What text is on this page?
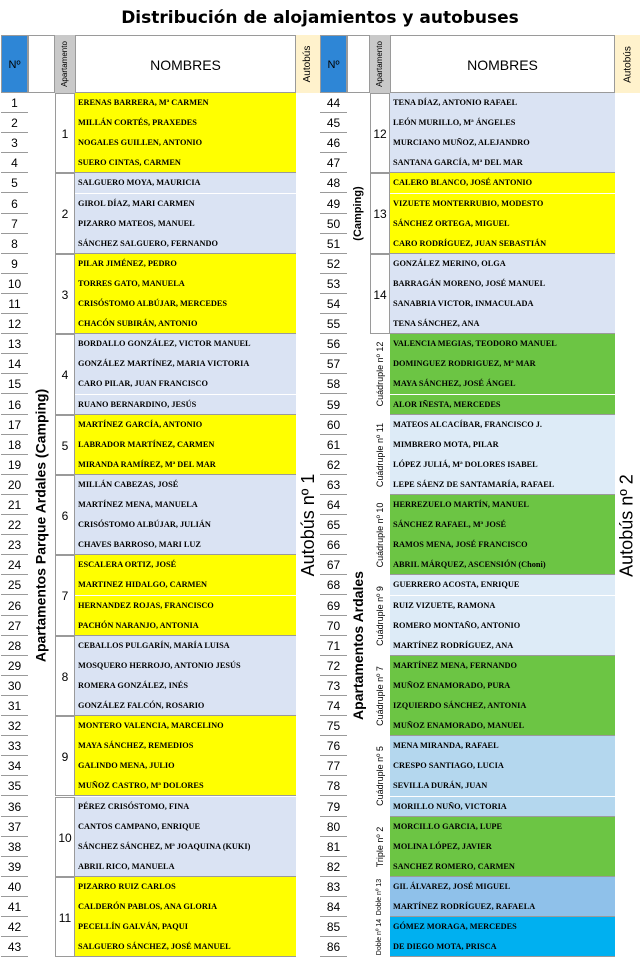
Distribución de alojamientos y autobuses
Nº	Apartamento	NOMBRES	Autobús
1
1	ERENAS BARRERA, Mª CARMEN
2	MILLÁN CORTÉS, PRAXEDES
3	NOGALES GUILLEN, ANTONIO
4	SUERO CINTAS, CARMEN
2
5	SALGUERO MOYA, MAURICIA
6	GIROL DÍAZ, MARI CARMEN
7	PIZARRO MATEOS, MANUEL
8	SÁNCHEZ SALGUERO, FERNANDO
3
9	PILAR JIMÉNEZ, PEDRO
10	TORRES GATO, MANUELA
11	CRISÓSTOMO ALBÚJAR, MERCEDES
12	CHACÓN SUBIRÁN, ANTONIO
4
13	BORDALLO GONZÁLEZ, VICTOR MANUEL
14	GONZÁLEZ MARTÍNEZ, MARIA VICTORIA
15	CARO PILAR, JUAN FRANCISCO
16	RUANO BERNARDINO, JESÚS
5
17	MARTÍNEZ GARCÍA, ANTONIO
18	LABRADOR MARTÍNEZ, CARMEN
19	MIRANDA RAMÍREZ, Mª DEL MAR
6
20	MILLÁN CABEZAS, JOSÉ
21	MARTÍNEZ MENA, MANUELA
22	CRISÓSTOMO ALBÚJAR, JULIÁN
23	CHAVES BARROSO, MARI LUZ
7
24	ESCALERA ORTIZ, JOSÉ
25	MARTINEZ HIDALGO, CARMEN
26	HERNANDEZ ROJAS, FRANCISCO
27	PACHÓN NARANJO, ANTONIA
8
28	CEBALLOS PULGARÍN, MARÍA LUISA
29	MOSQUERO HERROJO, ANTONIO JESÚS
30	ROMERA GONZÁLEZ, INÉS
31	GONZÁLEZ FALCÓN, ROSARIO
9
32	MONTERO VALENCIA, MARCELINO
33	MAYA SÁNCHEZ, REMEDIOS
34	GALINDO MENA, JULIO
35	MUÑOZ CASTRO, Mª DOLORES
10
36	PÉREZ CRISÓSTOMO, FINA
37	CANTOS CAMPANO, ENRIQUE
38	SÁNCHEZ SÁNCHEZ, Mª JOAQUINA (KUKI)
39	ABRIL RICO, MANUELA
11
40	PIZARRO RUIZ CARLOS
41	CALDERÓN PABLOS, ANA GLORIA
42	PECELLÍN GALVÁN, PAQUI
43	SALGUERO SÁNCHEZ, JOSÉ MANUEL
Autobús nº 1
Apartamentos Parque Ardales (Camping)
Nº	Apartamento	NOMBRES	Autobús
12
44	TENA DÍAZ, ANTONIO RAFAEL
45	LEÓN MURILLO, Mª ÁNGELES
46	MURCIANO MUÑOZ, ALEJANDRO
47	SANTANA GARCÍA, Mª DEL MAR
13
48	CALERO BLANCO, JOSÉ ANTONIO
49	VIZUETE MONTERRUBIO, MODESTO
50	SÁNCHEZ ORTEGA, MIGUEL
51	CARO RODRÍGUEZ, JUAN SEBASTIÁN
14
52	GONZÁLEZ MERINO, OLGA
53	BARRAGÁN MORENO, JOSÉ MANUEL
54	SANABRIA VICTOR, INMACULADA
55	TENA SÁNCHEZ, ANA
Cuádruple nº 12
56	VALENCIA MEGIAS, TEODORO MANUEL
57	DOMINGUEZ RODRIGUEZ, Mª MAR
58	MAYA SÁNCHEZ, JOSÉ ÁNGEL
59	ALOR IÑESTA, MERCEDES
Cuádruple nº 11
60	MATEOS ALCACÍBAR, FRANCISCO J.
61	MIMBRERO MOTA, PILAR
62	LÓPEZ JULIÁ, Mª DOLORES ISABEL
63	LEPE SÁENZ DE SANTAMARÍA, RAFAEL
Cuádruple nº 10
64	HERREZUELO MARTÍN, MANUEL
65	SÁNCHEZ RAFAEL, Mª JOSÉ
66	RAMOS MENA, JOSÉ FRANCISCO
67	ABRIL MÁRQUEZ, ASCENSIÓN (Choni)
Cuádruple nº 9
68	GUERRERO ACOSTA, ENRIQUE
69	RUIZ VIZUETE, RAMONA
70	ROMERO MONTAÑO, ANTONIO
71	MARTÍNEZ RODRÍGUEZ, ANA
Cuádruple nº 7
72	MARTÍNEZ MENA, FERNANDO
73	MUÑOZ ENAMORADO, PURA
74	IZQUIERDO SÁNCHEZ, ANTONIA
75	MUÑOZ ENAMORADO, MANUEL
Cuádruple nº 5
76	MENA MIRANDA, RAFAEL
77	CRESPO SANTIAGO, LUCIA
78	SEVILLA DURÁN, JUAN
79	MORILLO NUÑO, VICTORIA
Triple nº 2
80	MORCILLO GARCIA, LUPE
81	MOLINA LÓPEZ, JAVIER
82	SANCHEZ ROMERO, CARMEN
Doble nº 13
83	GIL ÁLVAREZ, JOSÉ MIGUEL
84	MARTÍNEZ RODRÍGUEZ, RAFAELA
Doble nº 14
85	GÓMEZ MORAGA, MERCEDES
86	DE DIEGO MOTA, PRISCA
Autobús nº 2
(Camping)
Apartamentos Ardales
